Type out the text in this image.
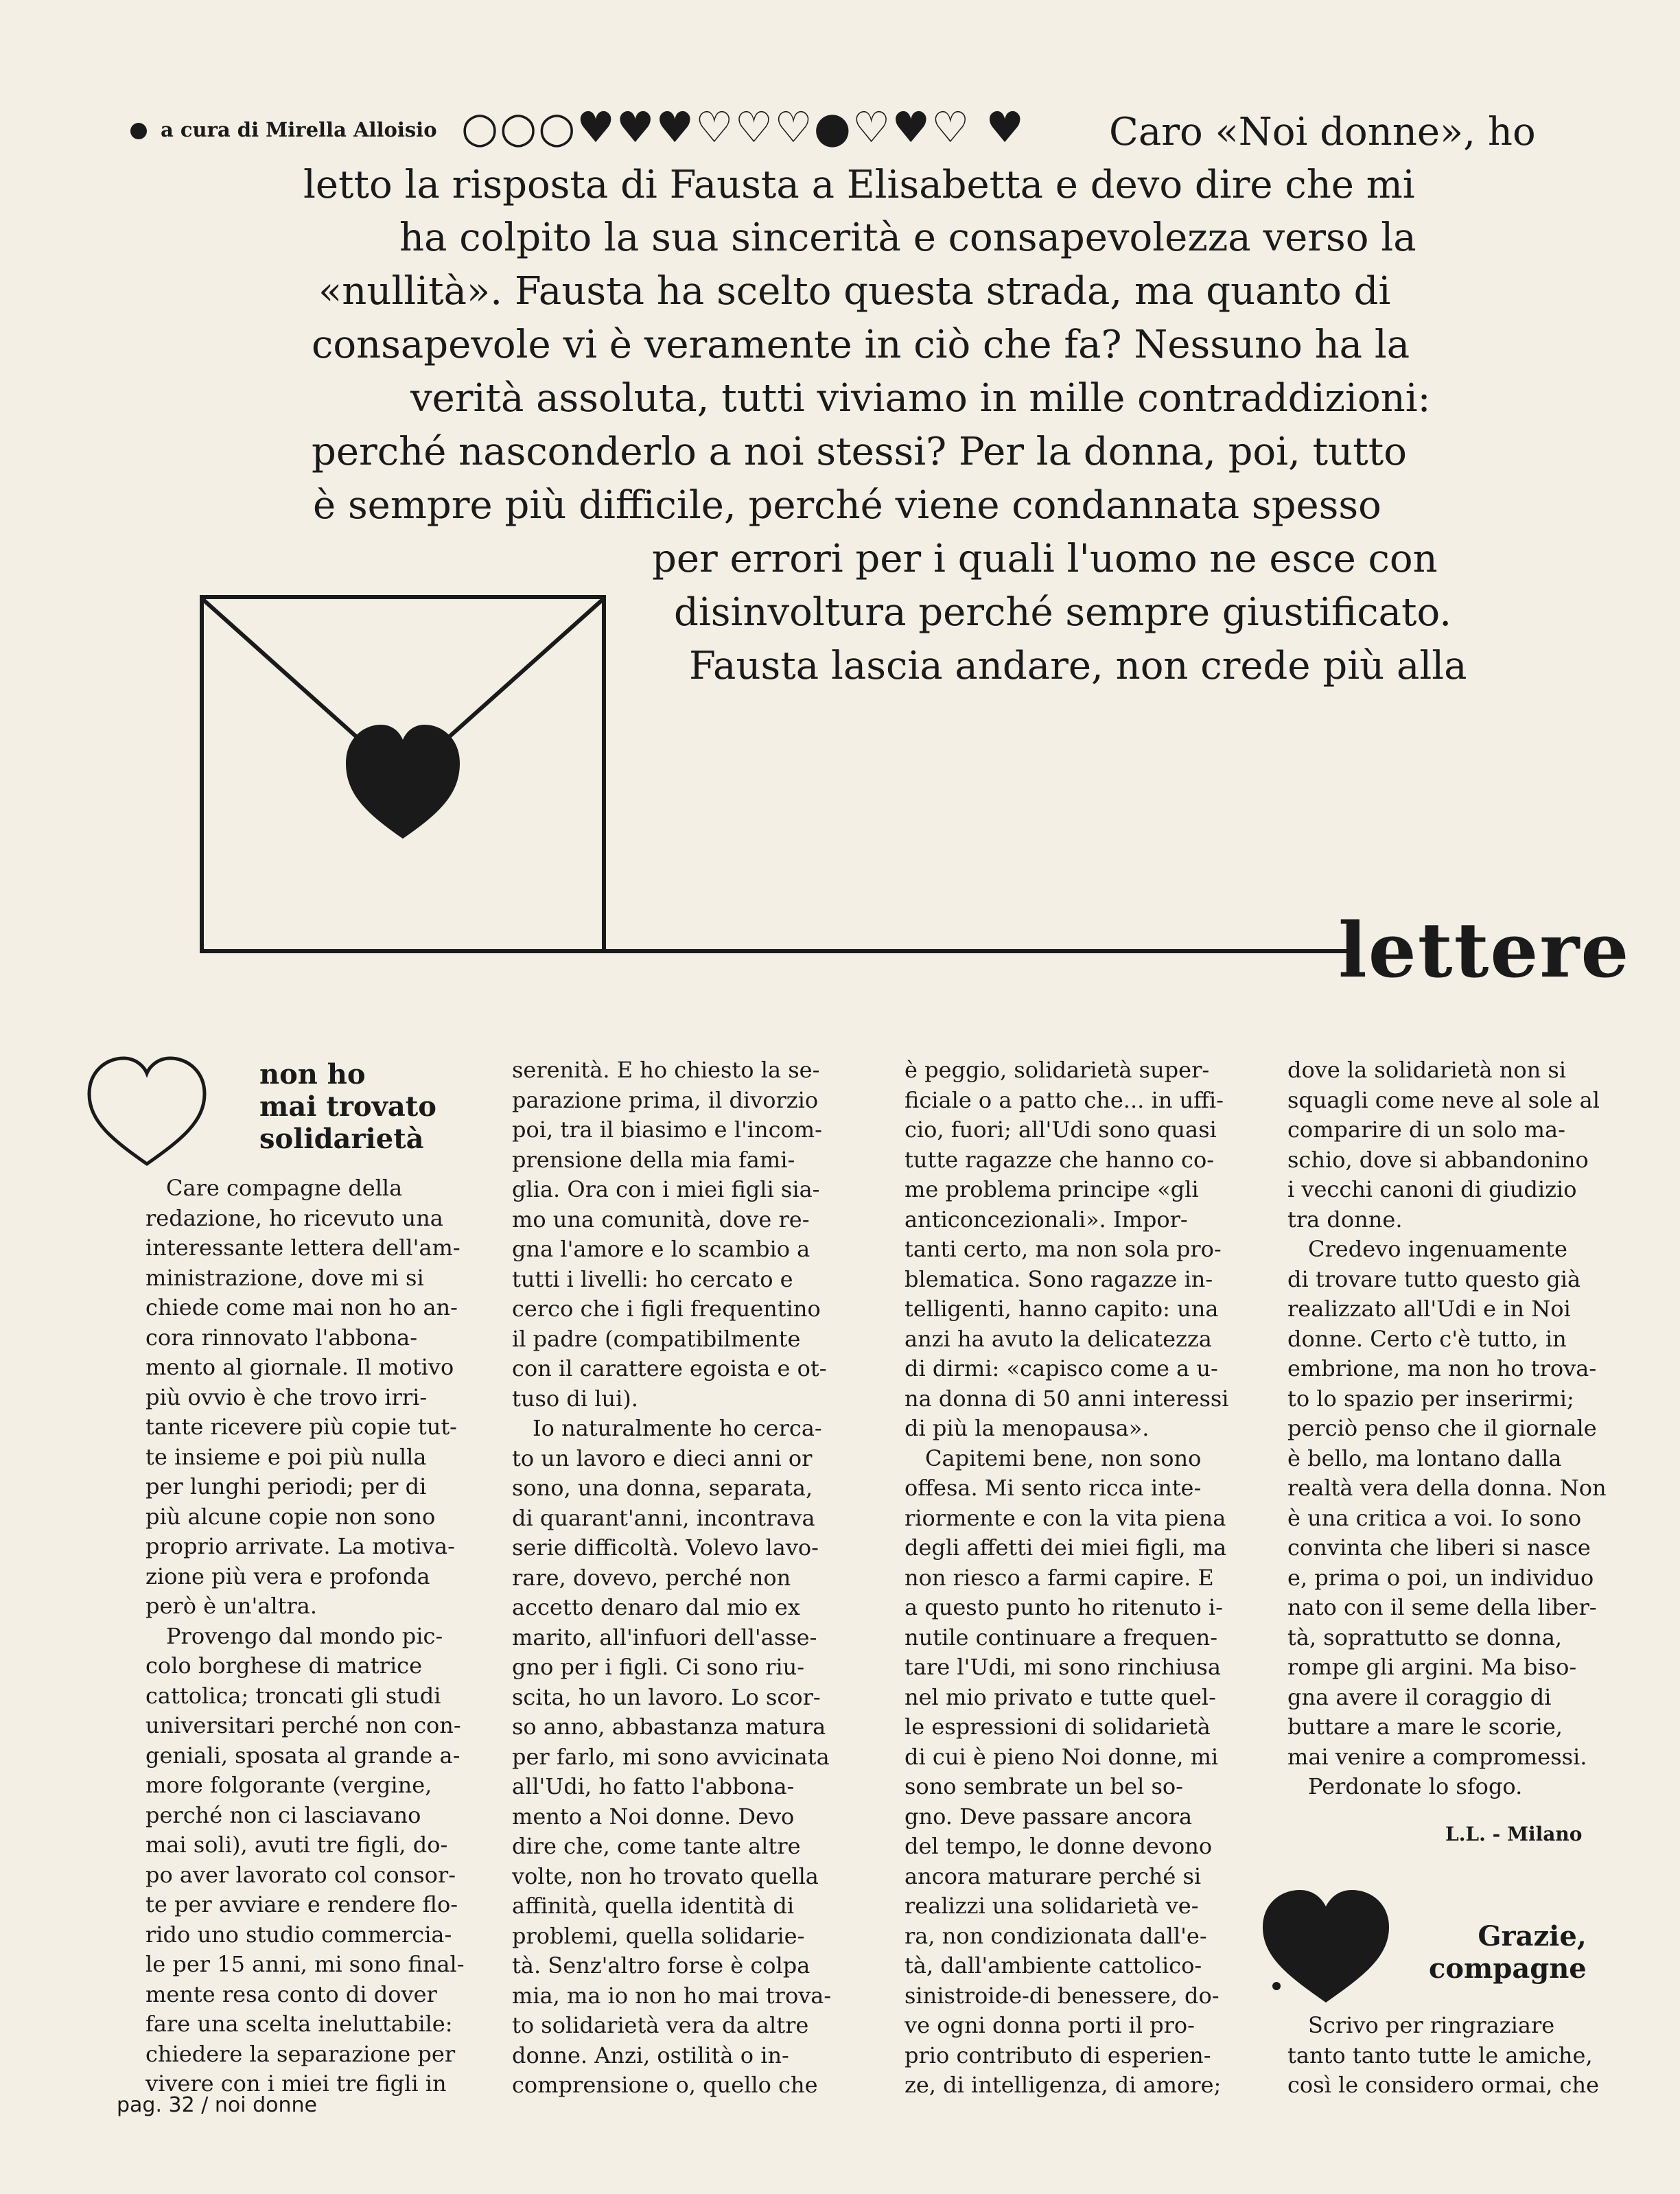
a cura di Mirella Alloisio ○○○♥♥♥♡♡♡●♡♥♡ ♥ Caro «Noi donne», ho
letto la risposta di Fausta a Elisabetta e devo dire che mi
ha colpito la sua sincerità e consapevolezza verso la
«nullità». Fausta ha scelto questa strada, ma quanto di
consapevole vi è veramente in ciò che fa? Nessuno ha la
verità assoluta, tutti viviamo in mille contraddizioni:
perché nasconderlo a noi stessi? Per la donna, poi, tutto
è sempre più difficile, perché viene condannata spesso
per errori per i quali l'uomo ne esce con
disinvoltura perché sempre giustificato.
Fausta lascia andare, non crede più alla
lettere
non ho
mai trovato
solidarietà

Care compagne della

redazione, ho ricevuto una

interessante lettera dell'am-

ministrazione, dove mi si

chiede come mai non ho an-

cora rinnovato l'abbona-

mento al giornale. Il motivo

più ovvio è che trovo irri-

tante ricevere più copie tut-

te insieme e poi più nulla

per lunghi periodi; per di

più alcune copie non sono

proprio arrivate. La motiva-

zione più vera e profonda

però è un'altra.

Provengo dal mondo pic-

colo borghese di matrice

cattolica; troncati gli studi

universitari perché non con-

geniali, sposata al grande a-

more folgorante (vergine,

perché non ci lasciavano

mai soli), avuti tre figli, do-

po aver lavorato col consor-

te per avviare e rendere flo-

rido uno studio commercia-

le per 15 anni, mi sono final-

mente resa conto di dover

fare una scelta ineluttabile:

chiedere la separazione per

vivere con i miei tre figli in

serenità. E ho chiesto la se-

parazione prima, il divorzio

poi, tra il biasimo e l'incom-

prensione della mia fami-

glia. Ora con i miei figli sia-

mo una comunità, dove re-

gna l'amore e lo scambio a

tutti i livelli: ho cercato e

cerco che i figli frequentino

il padre (compatibilmente

con il carattere egoista e ot-

tuso di lui).

Io naturalmente ho cerca-

to un lavoro e dieci anni or

sono, una donna, separata,

di quarant'anni, incontrava

serie difficoltà. Volevo lavo-

rare, dovevo, perché non

accetto denaro dal mio ex

marito, all'infuori dell'asse-

gno per i figli. Ci sono riu-

scita, ho un lavoro. Lo scor-

so anno, abbastanza matura

per farlo, mi sono avvicinata

all'Udi, ho fatto l'abbona-

mento a Noi donne. Devo

dire che, come tante altre

volte, non ho trovato quella

affinità, quella identità di

problemi, quella solidarie-

tà. Senz'altro forse è colpa

mia, ma io non ho mai trova-

to solidarietà vera da altre

donne. Anzi, ostilità o in-

comprensione o, quello che

è peggio, solidarietà super-

ficiale o a patto che... in uffi-

cio, fuori; all'Udi sono quasi

tutte ragazze che hanno co-

me problema principe «gli

anticoncezionali». Impor-

tanti certo, ma non sola pro-

blematica. Sono ragazze in-

telligenti, hanno capito: una

anzi ha avuto la delicatezza

di dirmi: «capisco come a u-

na donna di 50 anni interessi

di più la menopausa».

Capitemi bene, non sono

offesa. Mi sento ricca inte-

riormente e con la vita piena

degli affetti dei miei figli, ma

non riesco a farmi capire. E

a questo punto ho ritenuto i-

nutile continuare a frequen-

tare l'Udi, mi sono rinchiusa

nel mio privato e tutte quel-

le espressioni di solidarietà

di cui è pieno Noi donne, mi

sono sembrate un bel so-

gno. Deve passare ancora

del tempo, le donne devono

ancora maturare perché si

realizzi una solidarietà ve-

ra, non condizionata dall'e-

tà, dall'ambiente cattolico-

sinistroide-di benessere, do-

ve ogni donna porti il pro-

prio contributo di esperien-

ze, di intelligenza, di amore;

dove la solidarietà non si

squagli come neve al sole al

comparire di un solo ma-

schio, dove si abbandonino

i vecchi canoni di giudizio

tra donne.

Credevo ingenuamente

di trovare tutto questo già

realizzato all'Udi e in Noi

donne. Certo c'è tutto, in

embrione, ma non ho trova-

to lo spazio per inserirmi;

perciò penso che il giornale

è bello, ma lontano dalla

realtà vera della donna. Non

è una critica a voi. Io sono

convinta che liberi si nasce

e, prima o poi, un individuo

nato con il seme della liber-

tà, soprattutto se donna,

rompe gli argini. Ma biso-

gna avere il coraggio di

buttare a mare le scorie,

mai venire a compromessi.

Perdonate lo sfogo.

L.L. - Milano
Grazie,
compagne

Scrivo per ringraziare

tanto tanto tutte le amiche,

così le considero ormai, che

pag. 32 / noi donne
